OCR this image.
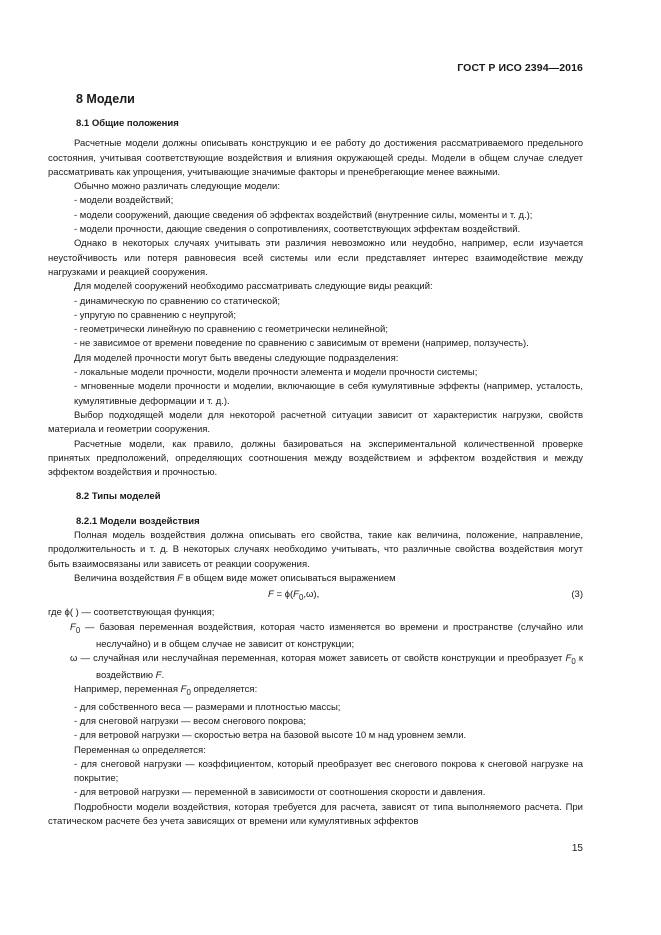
ГОСТ Р ИСО 2394—2016

8 Модели

8.1 Общие положения

Расчетные модели должны описывать конструкцию и ее работу до достижения рассматриваемого предельного состояния, учитывая соответствующие воздействия и влияния окружающей среды. Модели в общем случае следует рассматривать как упрощения, учитывающие значимые факторы и пренебрегающие менее важными.

Обычно можно различать следующие модели:

- модели воздействий;

- модели сооружений, дающие сведения об эффектах воздействий (внутренние силы, моменты и т. д.);

- модели прочности, дающие сведения о сопротивлениях, соответствующих эффектам воздействий.

Однако в некоторых случаях учитывать эти различия невозможно или неудобно, например, если изучается неустойчивость или потеря равновесия всей системы или если представляет интерес взаимодействие между нагрузками и реакцией сооружения.

Для моделей сооружений необходимо рассматривать следующие виды реакций:

- динамическую по сравнению со статической;

- упругую по сравнению с неупругой;

- геометрически линейную по сравнению с геометрически нелинейной;

- не зависимое от времени поведение по сравнению с зависимым от времени (например, ползучесть).

Для моделей прочности могут быть введены следующие подразделения:

- локальные модели прочности, модели прочности элемента и модели прочности системы;

- мгновенные модели прочности и моделии, включающие в себя кумулятивные эффекты (например, усталость, кумулятивные деформации и т. д.).

Выбор подходящей модели для некоторой расчетной ситуации зависит от характеристик нагрузки, свойств материала и геометрии сооружения.

Расчетные модели, как правило, должны базироваться на экспериментальной количественной проверке принятых предположений, определяющих соотношения между воздействием и эффектом воздействия и между эффектом воздействия и прочностью.

8.2 Типы моделей

8.2.1 Модели воздействия

Полная модель воздействия должна описывать его свойства, такие как величина, положение, направление, продолжительность и т. д. В некоторых случаях необходимо учитывать, что различные свойства воздействия могут быть взаимосвязаны или зависеть от реакции сооружения.

Величина воздействия F в общем виде может описываться выражением

$F = \phi(F_0,\omega)$,	(3)

где ϕ( ) — соответствующая функция;

$F_0$ — базовая переменная воздействия, которая часто изменяется во времени и пространстве (случайно или неслучайно) и в общем случае не зависит от конструкции;

ω — случайная или неслучайная переменная, которая может зависеть от свойств конструкции и преобразует $F_0$ к воздействию F.

Например, переменная $F_0$ определяется:

- для собственного веса — размерами и плотностью массы;

- для снеговой нагрузки — весом снегового покрова;

- для ветровой нагрузки — скоростью ветра на базовой высоте 10 м над уровнем земли.

Переменная ω определяется:

- для снеговой нагрузки — коэффициентом, который преобразует вес снегового покрова к снеговой нагрузке на покрытие;

- для ветровой нагрузки — переменной в зависимости от соотношения скорости и давления.

Подробности модели воздействия, которая требуется для расчета, зависят от типа выполняемого расчета. При статическом расчете без учета зависящих от времени или кумулятивных эффектов

15
